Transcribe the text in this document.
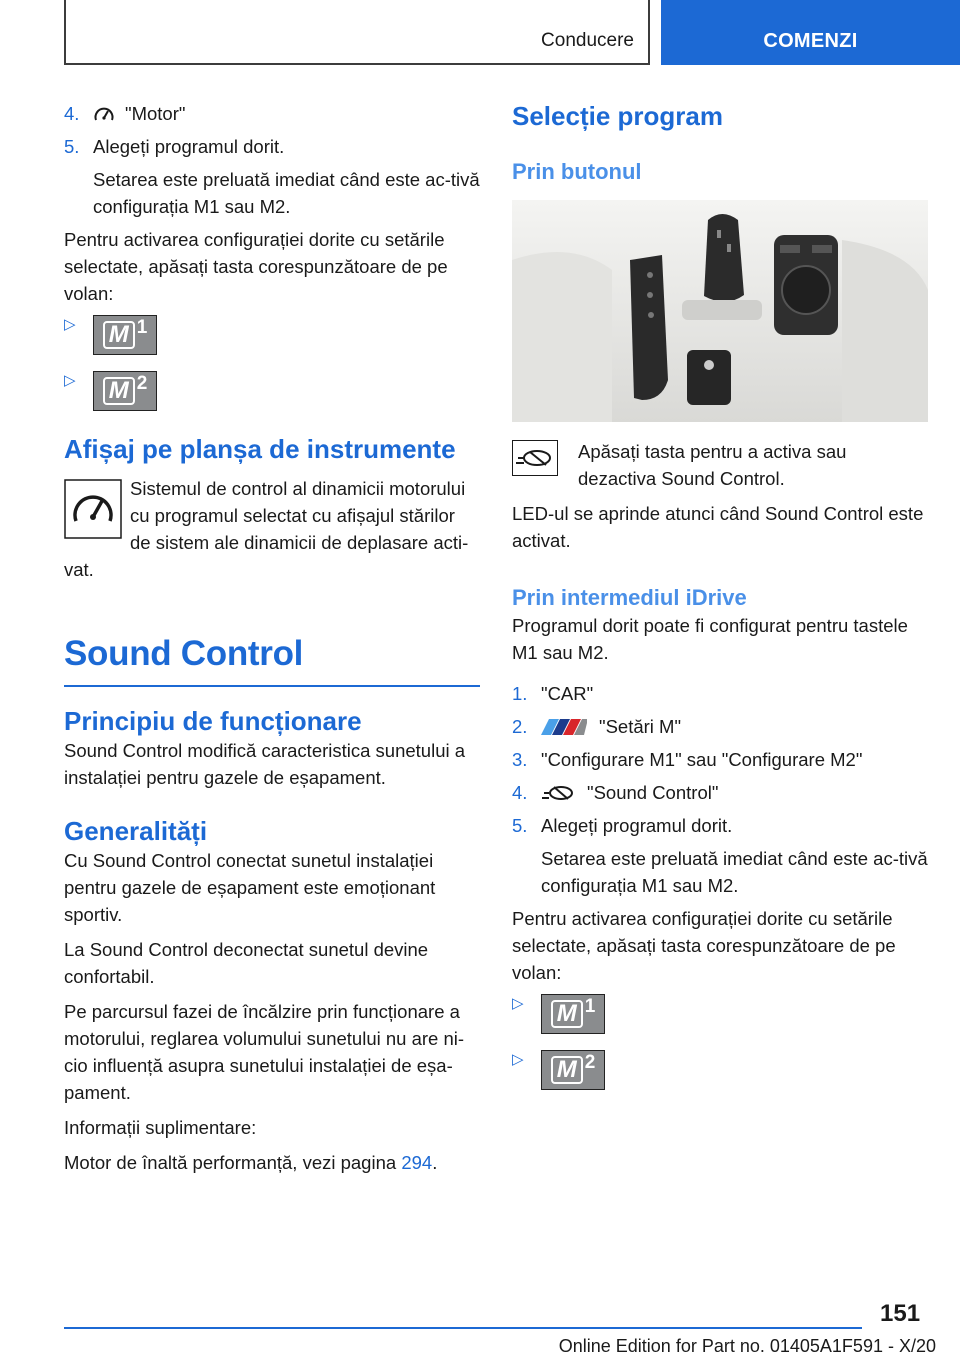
Conducere	COMENZI
4.	"Motor"
5. Alegeți programul dorit.

Setarea este preluată imediat când este ac-tivă configurația M1 sau M2.

Pentru activarea configurației dorite cu setările selectate, apăsați tasta corespunzătoare de pe volan:

▷	M 1
▷	M 2
Afișaj pe planșa de instrumente

Sistemul de control al dinamicii motorului cu programul selectat cu afișajul stărilor de sistem ale dinamicii de deplasare acti-vat.

Sound Control
Principiu de funcționare

Sound Control modifică caracteristica sunetului a instalației pentru gazele de eșapament.

Generalități

Cu Sound Control conectat sunetul instalației pentru gazele de eșapament este emoționant sportiv.

La Sound Control deconectat sunetul devine confortabil.

Pe parcursul fazei de încălzire prin funcționare a motorului, reglarea volumului sunetului nu are ni-cio influență asupra sunetului instalației de eșa-pament.

Informații suplimentare:

Motor de înaltă performanță, vezi pagina 294.

Selecție program
Prin butonul

Apăsați tasta pentru a activa sau dezactiva Sound Control.

LED-ul se aprinde atunci când Sound Control este activat.

Prin intermediul iDrive

Programul dorit poate fi configurat pentru tastele M1 sau M2.

1. "CAR"
2.	"Setări M"
3. "Configurare M1" sau "Configurare M2"
4.	"Sound Control"
5. Alegeți programul dorit.

Setarea este preluată imediat când este ac-tivă configurația M1 sau M2.

Pentru activarea configurației dorite cu setările selectate, apăsați tasta corespunzătoare de pe volan:

▷	M 1
▷	M 2
151
Online Edition for Part no. 01405A1F591 - X/20
